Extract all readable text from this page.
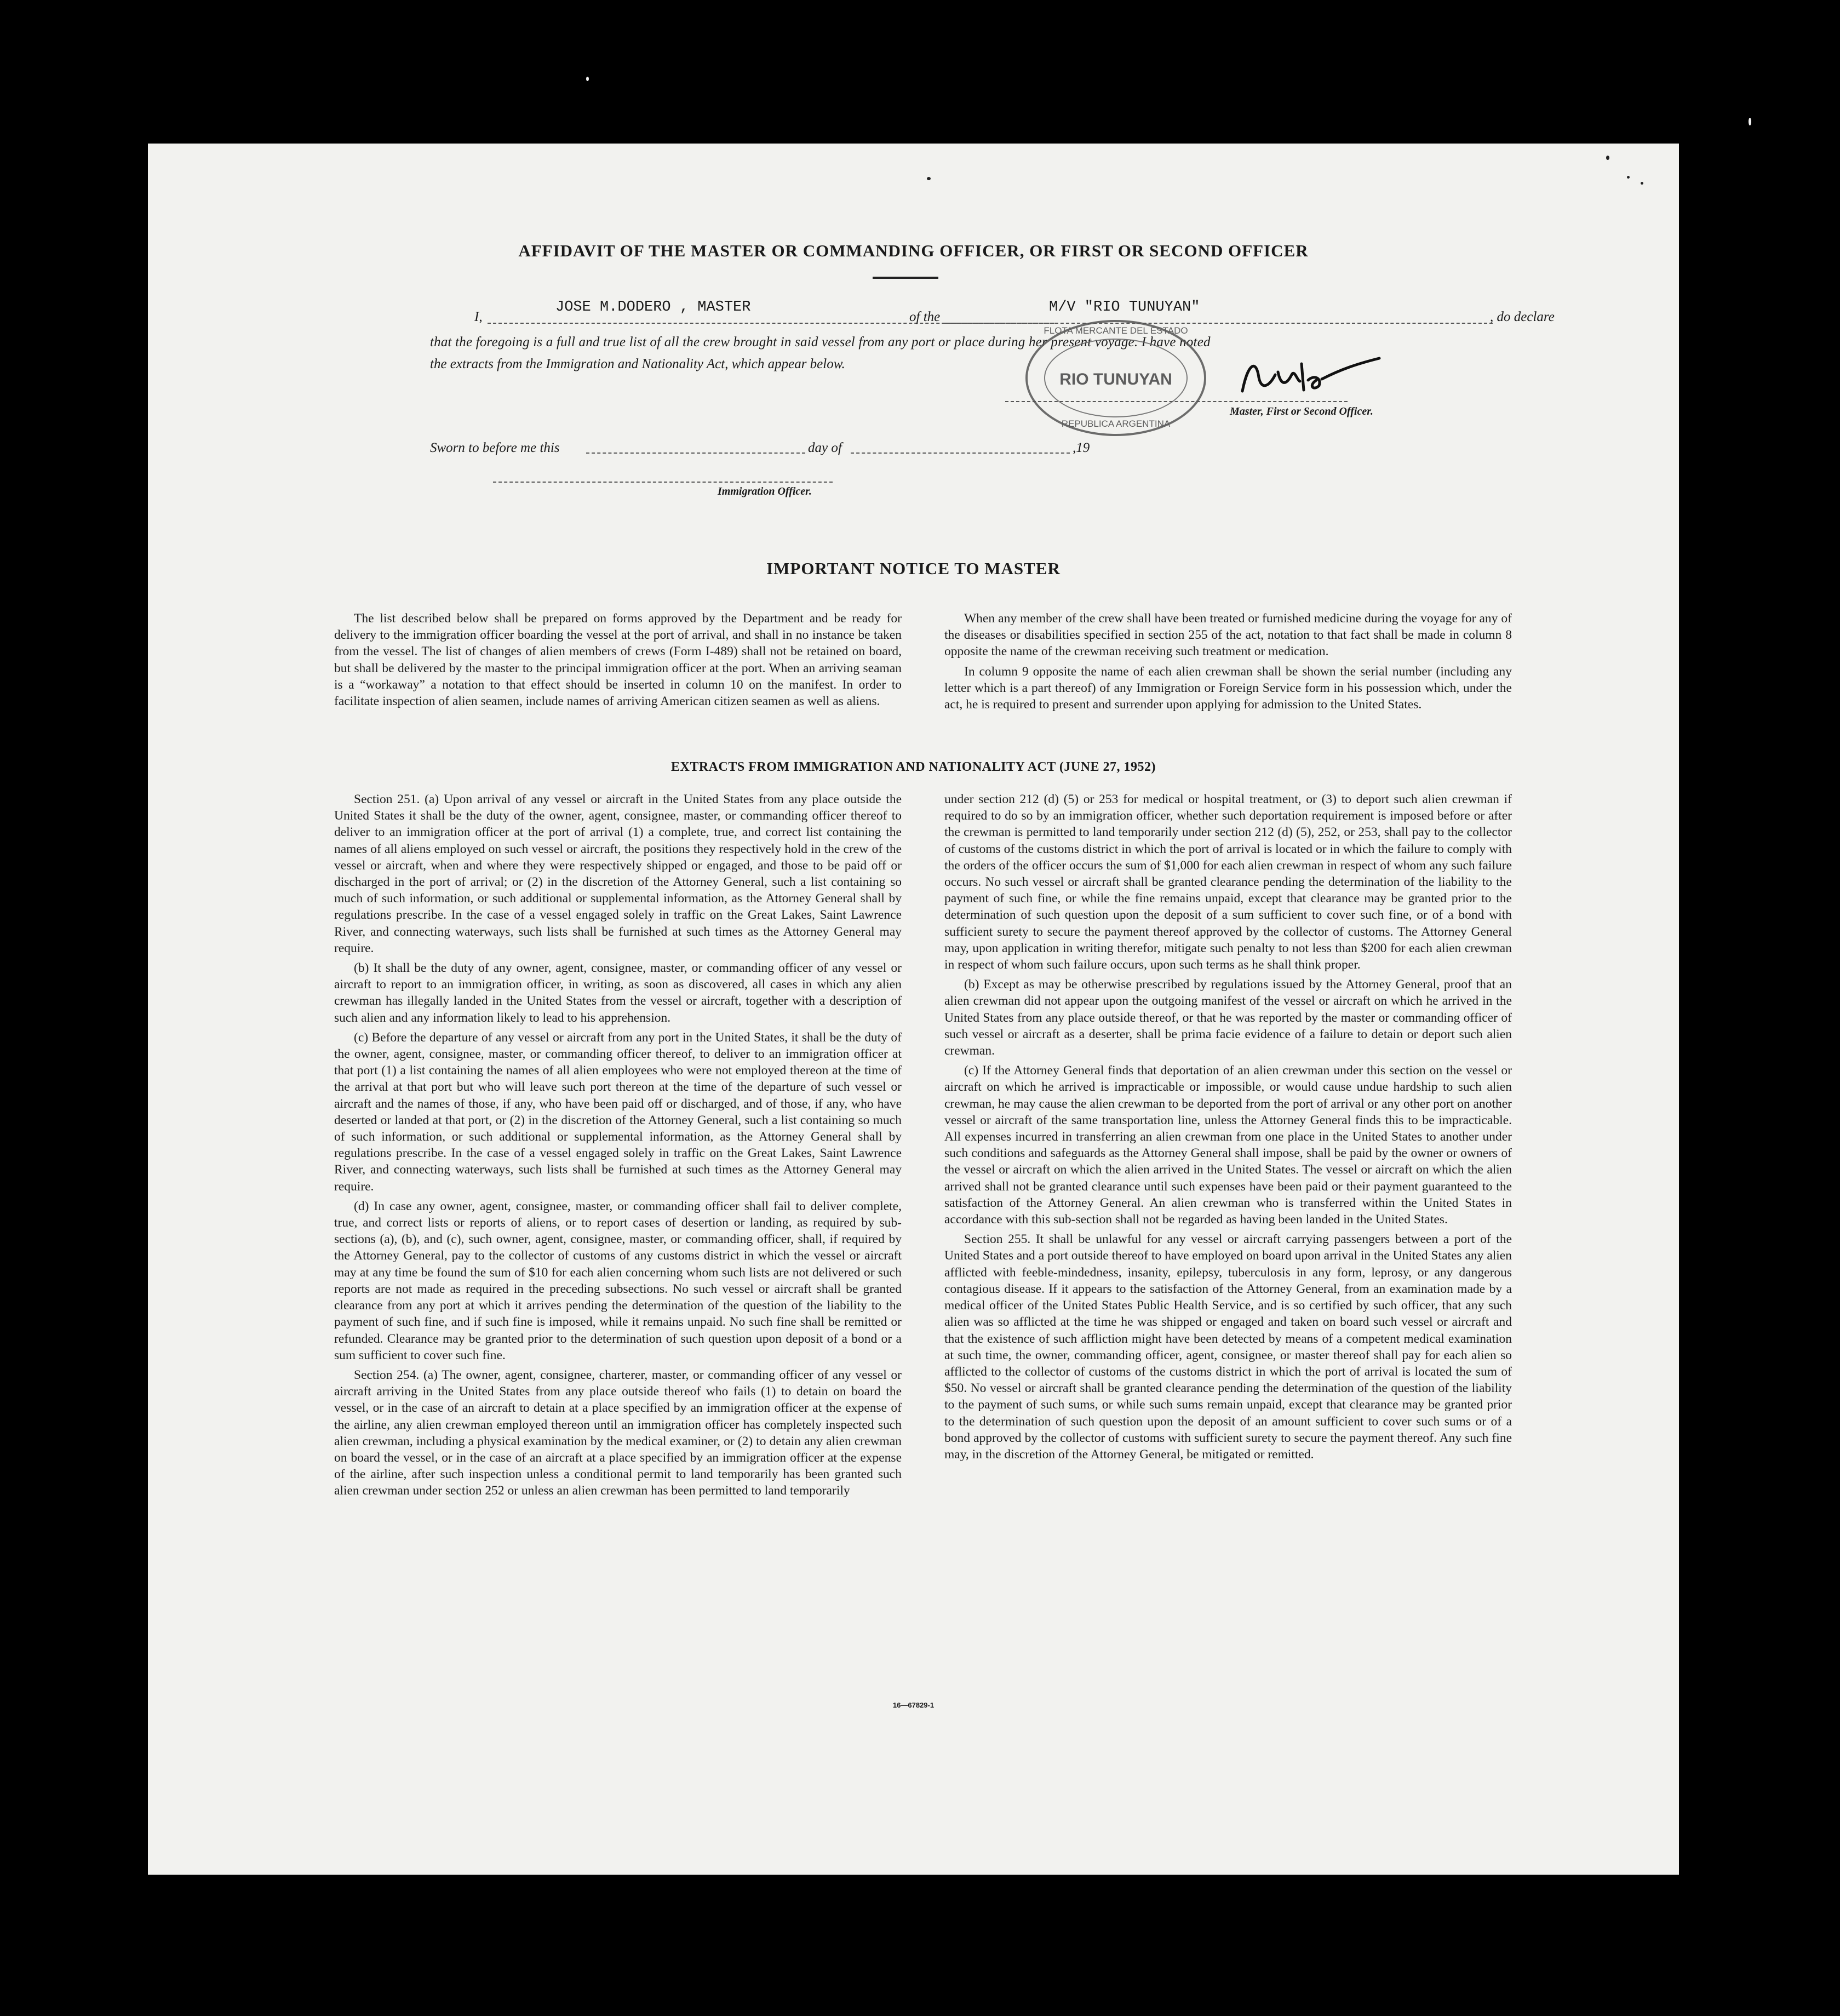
AFFIDAVIT OF THE MASTER OR COMMANDING OFFICER, OR FIRST OR SECOND OFFICER
I,
JOSE M.DODERO , MASTER
of the
M/V "RIO TUNUYAN"
, do declare
that the foregoing is a full and true list of all the crew brought in said vessel from any port or place during her present voyage. I have noted
the extracts from the Immigration and Nationality Act, which appear below.
FLOTA MERCANTE DEL ESTADO
RIO TUNUYAN
REPUBLICA ARGENTINA
Master, First or Second Officer.
Sworn to before me this	day of	,19
Immigration Officer.
IMPORTANT NOTICE TO MASTER

The list described below shall be prepared on forms approved by the Department and be ready for delivery to the immigration officer boarding the vessel at the port of arrival, and shall in no instance be taken from the vessel. The list of changes of alien members of crews (Form I-489) shall not be retained on board, but shall be delivered by the master to the principal immigration officer at the port. When an arriving seaman is a “workaway” a notation to that effect should be inserted in column 10 on the manifest. In order to facilitate inspection of alien seamen, include names of arriving American citizen seamen as well as aliens.

When any member of the crew shall have been treated or furnished medicine during the voyage for any of the diseases or disabilities specified in section 255 of the act, notation to that fact shall be made in column 8 opposite the name of the crewman receiving such treatment or medication.

In column 9 opposite the name of each alien crewman shall be shown the serial number (including any letter which is a part thereof) of any Immigration or Foreign Service form in his possession which, under the act, he is required to present and surrender upon applying for admission to the United States.

EXTRACTS FROM IMMIGRATION AND NATIONALITY ACT (JUNE 27, 1952)

Section 251. (a) Upon arrival of any vessel or aircraft in the United States from any place outside the United States it shall be the duty of the owner, agent, consignee, master, or commanding officer thereof to deliver to an immigration officer at the port of arrival (1) a complete, true, and correct list containing the names of all aliens employed on such vessel or aircraft, the positions they respectively hold in the crew of the vessel or aircraft, when and where they were respectively shipped or engaged, and those to be paid off or discharged in the port of arrival; or (2) in the discretion of the Attorney General, such a list containing so much of such information, or such additional or supplemental information, as the Attorney General shall by regulations prescribe. In the case of a vessel engaged solely in traffic on the Great Lakes, Saint Lawrence River, and connecting waterways, such lists shall be furnished at such times as the Attorney General may require.

(b) It shall be the duty of any owner, agent, consignee, master, or commanding officer of any vessel or aircraft to report to an immigration officer, in writing, as soon as discovered, all cases in which any alien crewman has illegally landed in the United States from the vessel or aircraft, together with a description of such alien and any information likely to lead to his apprehension.

(c) Before the departure of any vessel or aircraft from any port in the United States, it shall be the duty of the owner, agent, consignee, master, or commanding officer thereof, to deliver to an immigration officer at that port (1) a list containing the names of all alien employees who were not employed thereon at the time of the arrival at that port but who will leave such port thereon at the time of the departure of such vessel or aircraft and the names of those, if any, who have been paid off or discharged, and of those, if any, who have deserted or landed at that port, or (2) in the discretion of the Attorney General, such a list containing so much of such information, or such additional or supplemental information, as the Attorney General shall by regulations prescribe. In the case of a vessel engaged solely in traffic on the Great Lakes, Saint Lawrence River, and connecting waterways, such lists shall be furnished at such times as the Attorney General may require.

(d) In case any owner, agent, consignee, master, or commanding officer shall fail to deliver complete, true, and correct lists or reports of aliens, or to report cases of desertion or landing, as required by sub-sections (a), (b), and (c), such owner, agent, consignee, master, or commanding officer, shall, if required by the Attorney General, pay to the collector of customs of any customs district in which the vessel or aircraft may at any time be found the sum of $10 for each alien concerning whom such lists are not delivered or such reports are not made as required in the preceding subsections. No such vessel or aircraft shall be granted clearance from any port at which it arrives pending the determination of the question of the liability to the payment of such fine, and if such fine is imposed, while it remains unpaid. No such fine shall be remitted or refunded. Clearance may be granted prior to the determination of such question upon deposit of a bond or a sum sufficient to cover such fine.

Section 254. (a) The owner, agent, consignee, charterer, master, or commanding officer of any vessel or aircraft arriving in the United States from any place outside thereof who fails (1) to detain on board the vessel, or in the case of an aircraft to detain at a place specified by an immigration officer at the expense of the airline, any alien crewman employed thereon until an immigration officer has completely inspected such alien crewman, including a physical examination by the medical examiner, or (2) to detain any alien crewman on board the vessel, or in the case of an aircraft at a place specified by an immigration officer at the expense of the airline, after such inspection unless a conditional permit to land temporarily has been granted such alien crewman under section 252 or unless an alien crewman has been permitted to land temporarily

under section 212 (d) (5) or 253 for medical or hospital treatment, or (3) to deport such alien crewman if required to do so by an immigration officer, whether such deportation requirement is imposed before or after the crewman is permitted to land temporarily under section 212 (d) (5), 252, or 253, shall pay to the collector of customs of the customs district in which the port of arrival is located or in which the failure to comply with the orders of the officer occurs the sum of $1,000 for each alien crewman in respect of whom any such failure occurs. No such vessel or aircraft shall be granted clearance pending the determination of the liability to the payment of such fine, or while the fine remains unpaid, except that clearance may be granted prior to the determination of such question upon the deposit of a sum sufficient to cover such fine, or of a bond with sufficient surety to secure the payment thereof approved by the collector of customs. The Attorney General may, upon application in writing therefor, mitigate such penalty to not less than $200 for each alien crewman in respect of whom such failure occurs, upon such terms as he shall think proper.

(b) Except as may be otherwise prescribed by regulations issued by the Attorney General, proof that an alien crewman did not appear upon the outgoing manifest of the vessel or aircraft on which he arrived in the United States from any place outside thereof, or that he was reported by the master or commanding officer of such vessel or aircraft as a deserter, shall be prima facie evidence of a failure to detain or deport such alien crewman.

(c) If the Attorney General finds that deportation of an alien crewman under this section on the vessel or aircraft on which he arrived is impracticable or impossible, or would cause undue hardship to such alien crewman, he may cause the alien crewman to be deported from the port of arrival or any other port on another vessel or aircraft of the same transportation line, unless the Attorney General finds this to be impracticable. All expenses incurred in transferring an alien crewman from one place in the United States to another under such conditions and safeguards as the Attorney General shall impose, shall be paid by the owner or owners of the vessel or aircraft on which the alien arrived in the United States. The vessel or aircraft on which the alien arrived shall not be granted clearance until such expenses have been paid or their payment guaranteed to the satisfaction of the Attorney General. An alien crewman who is transferred within the United States in accordance with this sub-section shall not be regarded as having been landed in the United States.

Section 255. It shall be unlawful for any vessel or aircraft carrying passengers between a port of the United States and a port outside thereof to have employed on board upon arrival in the United States any alien afflicted with feeble-mindedness, insanity, epilepsy, tuberculosis in any form, leprosy, or any dangerous contagious disease. If it appears to the satisfaction of the Attorney General, from an examination made by a medical officer of the United States Public Health Service, and is so certified by such officer, that any such alien was so afflicted at the time he was shipped or engaged and taken on board such vessel or aircraft and that the existence of such affliction might have been detected by means of a competent medical examination at such time, the owner, commanding officer, agent, consignee, or master thereof shall pay for each alien so afflicted to the collector of customs of the customs district in which the port of arrival is located the sum of $50. No vessel or aircraft shall be granted clearance pending the determination of the question of the liability to the payment of such sums, or while such sums remain unpaid, except that clearance may be granted prior to the determination of such question upon the deposit of an amount sufficient to cover such sums or of a bond approved by the collector of customs with sufficient surety to secure the payment thereof. Any such fine may, in the discretion of the Attorney General, be mitigated or remitted.

16—67829-1
